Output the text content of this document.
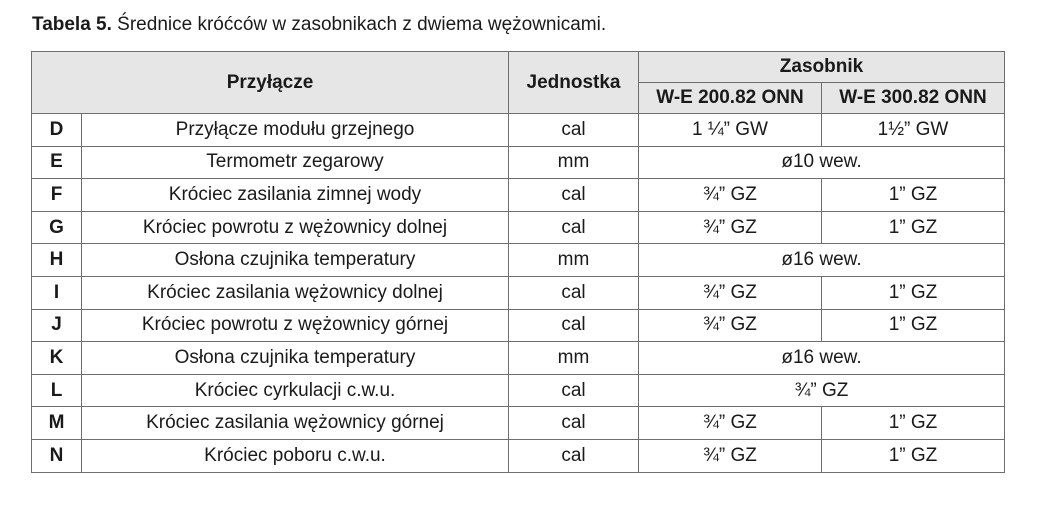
Tabela 5. Średnice króćców w zasobnikach z dwiema wężownicami.
Przyłącze		Jednostka	Zasobnik	
			W-E 200.82 ONN	W-E 300.82 ONN
D	Przyłącze modułu grzejnego	cal	1 ¼” GW	1½” GW
E	Termometr zegarowy	mm	ø10 wew.	
F	Króciec zasilania zimnej wody	cal	¾” GZ	1” GZ
G	Króciec powrotu z wężownicy dolnej	cal	¾” GZ	1” GZ
H	Osłona czujnika temperatury	mm	ø16 wew.	
I	Króciec zasilania wężownicy dolnej	cal	¾” GZ	1” GZ
J	Króciec powrotu z wężownicy górnej	cal	¾” GZ	1” GZ
K	Osłona czujnika temperatury	mm	ø16 wew.	
L	Króciec cyrkulacji c.w.u.	cal	¾” GZ	
M	Króciec zasilania wężownicy górnej	cal	¾” GZ	1” GZ
N	Króciec poboru c.w.u.	cal	¾” GZ	1” GZ
